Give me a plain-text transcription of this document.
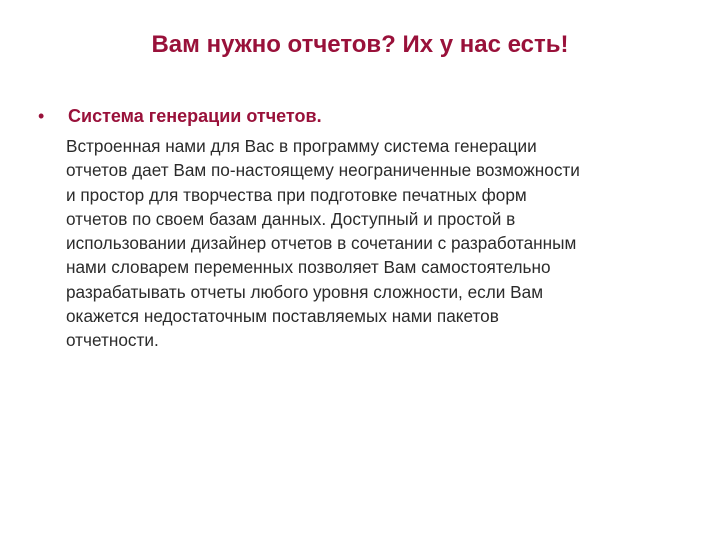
Вам нужно отчетов? Их у нас есть!
•	Система генерации отчетов.

Встроенная нами для Вас в программу система генерации
отчетов дает Вам по-настоящему неограниченные возможности
и простор для творчества при подготовке печатных форм
отчетов по своем базам данных. Доступный и простой в
использовании дизайнер отчетов в сочетании с разработанным
нами словарем переменных позволяет Вам самостоятельно
разрабатывать отчеты любого уровня сложности, если Вам
окажется недостаточным поставляемых нами пакетов
отчетности.
